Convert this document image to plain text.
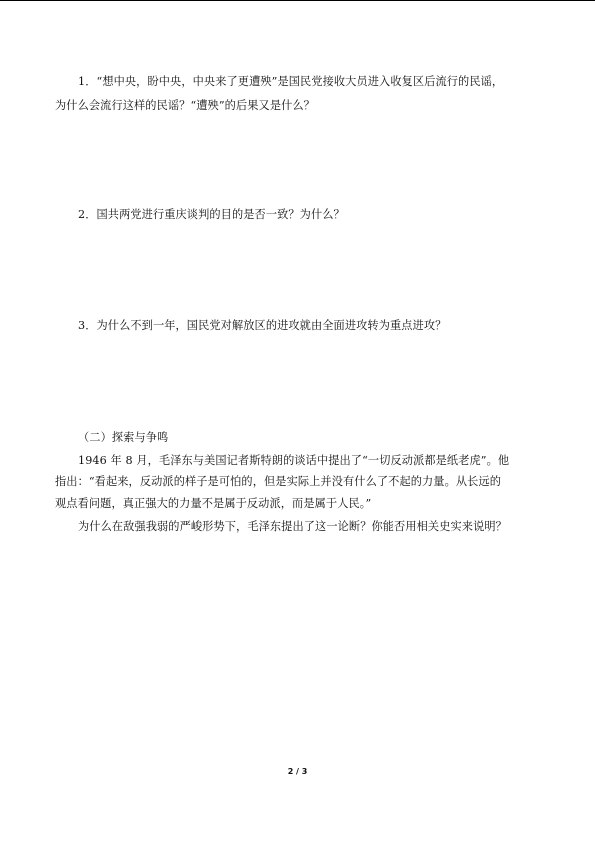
1．“想中央，盼中央，中央来了更遭殃”是国民党接收大员进入收复区后流行的民谣，
为什么会流行这样的民谣？“遭殃”的后果又是什么？
2．国共两党进行重庆谈判的目的是否一致？为什么？
3．为什么不到一年，国民党对解放区的进攻就由全面进攻转为重点进攻？
（二）探索与争鸣
1946 年 8 月，毛泽东与美国记者斯特朗的谈话中提出了“一切反动派都是纸老虎”。他
指出：“看起来，反动派的样子是可怕的，但是实际上并没有什么了不起的力量。从长远的
观点看问题，真正强大的力量不是属于反动派，而是属于人民。”
为什么在敌强我弱的严峻形势下，毛泽东提出了这一论断？你能否用相关史实来说明？
2 / 3
